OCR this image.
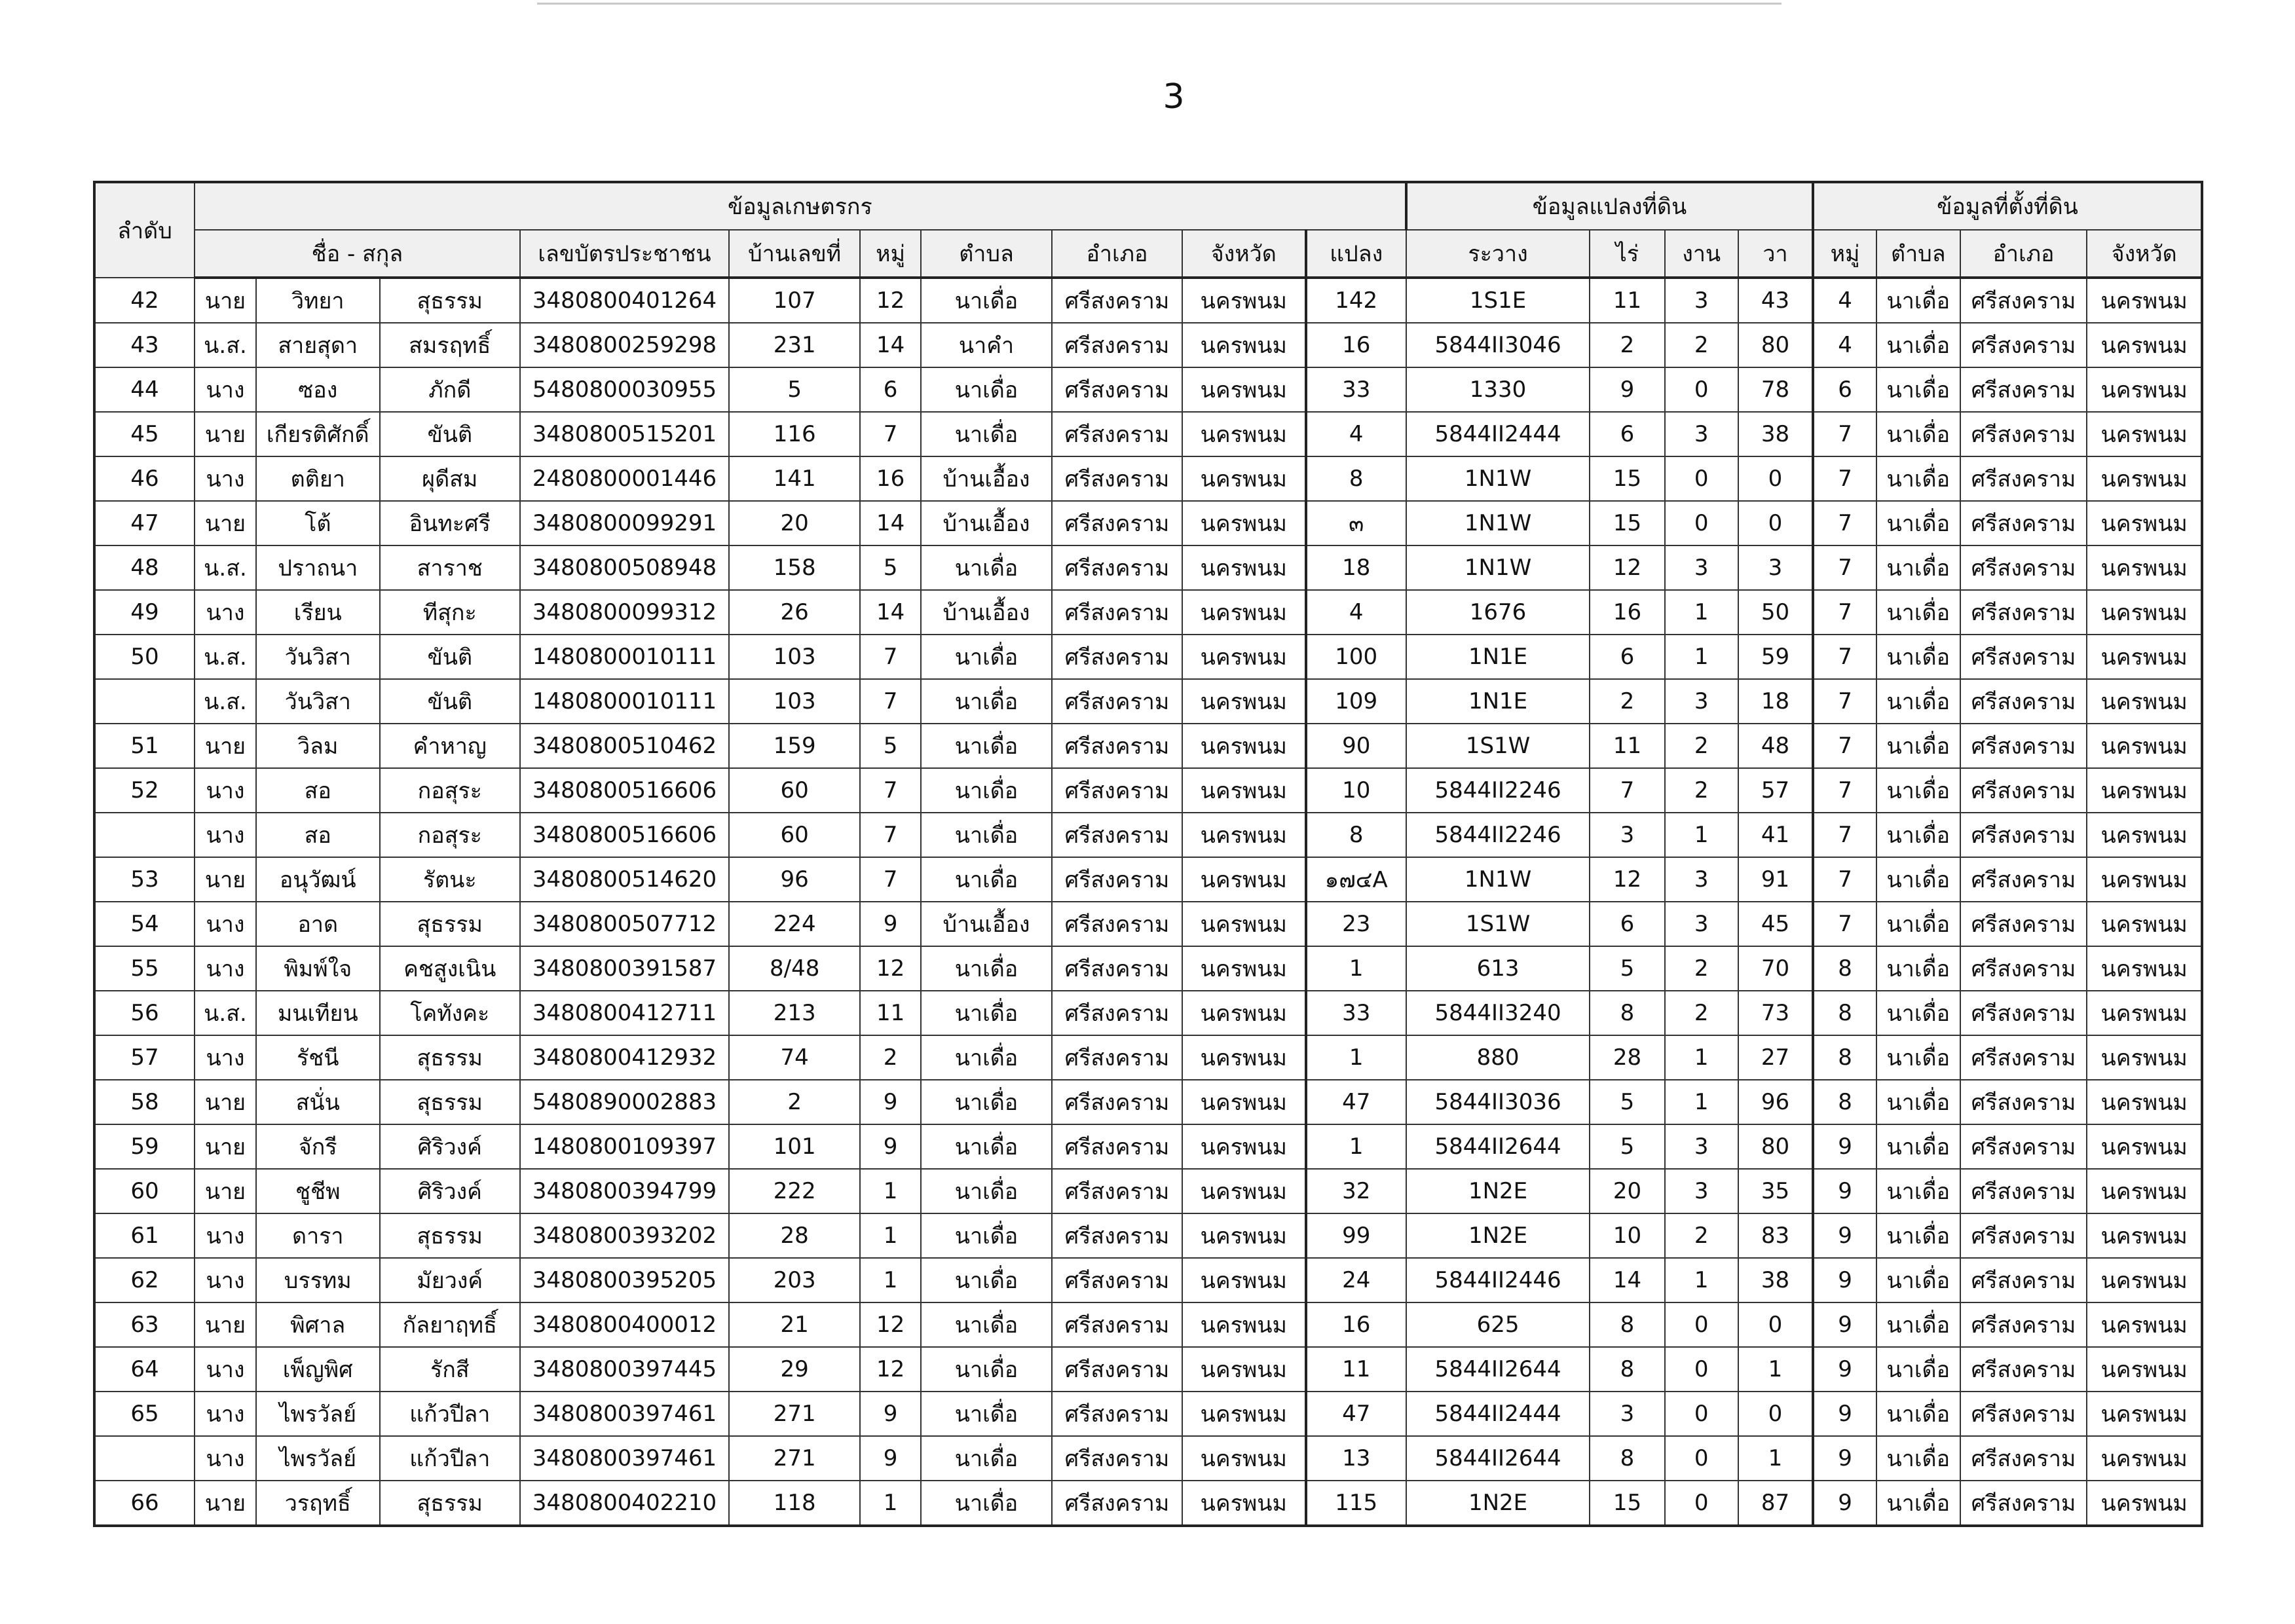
3
ลำดับ	ข้อมูลเกษตรกร										ข้อมูลแปลงที่ดิน				ข้อมูลที่ตั้งที่ดิน			
	ชื่อ - สกุล			เลขบัตรประชาชน	บ้านเลขที่	หมู่	ตำบล	อำเภอ	จังหวัด	แปลง	ระวาง	ไร่	งาน	วา	หมู่	ตำบล	อำเภอ	จังหวัด
42	นาย	วิทยา	สุธรรม	3480800401264	107	12	นาเดื่อ	ศรีสงคราม	นครพนม	142	1S1E	11	3	43	4	นาเดื่อ	ศรีสงคราม	นครพนม
43	น.ส.	สายสุดา	สมรฤทธิ์	3480800259298	231	14	นาคำ	ศรีสงคราม	นครพนม	16	5844II3046	2	2	80	4	นาเดื่อ	ศรีสงคราม	นครพนม
44	นาง	ซอง	ภักดี	5480800030955	5	6	นาเดื่อ	ศรีสงคราม	นครพนม	33	1330	9	0	78	6	นาเดื่อ	ศรีสงคราม	นครพนม
45	นาย	เกียรติศักดิ์	ขันติ	3480800515201	116	7	นาเดื่อ	ศรีสงคราม	นครพนม	4	5844II2444	6	3	38	7	นาเดื่อ	ศรีสงคราม	นครพนม
46	นาง	ตติยา	ผุดีสม	2480800001446	141	16	บ้านเอื้อง	ศรีสงคราม	นครพนม	8	1N1W	15	0	0	7	นาเดื่อ	ศรีสงคราม	นครพนม
47	นาย	โต้	อินทะศรี	3480800099291	20	14	บ้านเอื้อง	ศรีสงคราม	นครพนม	๓	1N1W	15	0	0	7	นาเดื่อ	ศรีสงคราม	นครพนม
48	น.ส.	ปราถนา	สาราช	3480800508948	158	5	นาเดื่อ	ศรีสงคราม	นครพนม	18	1N1W	12	3	3	7	นาเดื่อ	ศรีสงคราม	นครพนม
49	นาง	เรียน	ทีสุกะ	3480800099312	26	14	บ้านเอื้อง	ศรีสงคราม	นครพนม	4	1676	16	1	50	7	นาเดื่อ	ศรีสงคราม	นครพนม
50	น.ส.	วันวิสา	ขันติ	1480800010111	103	7	นาเดื่อ	ศรีสงคราม	นครพนม	100	1N1E	6	1	59	7	นาเดื่อ	ศรีสงคราม	นครพนม
	น.ส.	วันวิสา	ขันติ	1480800010111	103	7	นาเดื่อ	ศรีสงคราม	นครพนม	109	1N1E	2	3	18	7	นาเดื่อ	ศรีสงคราม	นครพนม
51	นาย	วิลม	คำหาญ	3480800510462	159	5	นาเดื่อ	ศรีสงคราม	นครพนม	90	1S1W	11	2	48	7	นาเดื่อ	ศรีสงคราม	นครพนม
52	นาง	สอ	กอสุระ	3480800516606	60	7	นาเดื่อ	ศรีสงคราม	นครพนม	10	5844II2246	7	2	57	7	นาเดื่อ	ศรีสงคราม	นครพนม
	นาง	สอ	กอสุระ	3480800516606	60	7	นาเดื่อ	ศรีสงคราม	นครพนม	8	5844II2246	3	1	41	7	นาเดื่อ	ศรีสงคราม	นครพนม
53	นาย	อนุวัฒน์	รัตนะ	3480800514620	96	7	นาเดื่อ	ศรีสงคราม	นครพนม	๑๗๔A	1N1W	12	3	91	7	นาเดื่อ	ศรีสงคราม	นครพนม
54	นาง	อาด	สุธรรม	3480800507712	224	9	บ้านเอื้อง	ศรีสงคราม	นครพนม	23	1S1W	6	3	45	7	นาเดื่อ	ศรีสงคราม	นครพนม
55	นาง	พิมพ์ใจ	คชสูงเนิน	3480800391587	8/48	12	นาเดื่อ	ศรีสงคราม	นครพนม	1	613	5	2	70	8	นาเดื่อ	ศรีสงคราม	นครพนม
56	น.ส.	มนเทียน	โคทังคะ	3480800412711	213	11	นาเดื่อ	ศรีสงคราม	นครพนม	33	5844II3240	8	2	73	8	นาเดื่อ	ศรีสงคราม	นครพนม
57	นาง	รัชนี	สุธรรม	3480800412932	74	2	นาเดื่อ	ศรีสงคราม	นครพนม	1	880	28	1	27	8	นาเดื่อ	ศรีสงคราม	นครพนม
58	นาย	สนั่น	สุธรรม	5480890002883	2	9	นาเดื่อ	ศรีสงคราม	นครพนม	47	5844II3036	5	1	96	8	นาเดื่อ	ศรีสงคราม	นครพนม
59	นาย	จักรี	ศิริวงค์	1480800109397	101	9	นาเดื่อ	ศรีสงคราม	นครพนม	1	5844II2644	5	3	80	9	นาเดื่อ	ศรีสงคราม	นครพนม
60	นาย	ชูชีพ	ศิริวงค์	3480800394799	222	1	นาเดื่อ	ศรีสงคราม	นครพนม	32	1N2E	20	3	35	9	นาเดื่อ	ศรีสงคราม	นครพนม
61	นาง	ดารา	สุธรรม	3480800393202	28	1	นาเดื่อ	ศรีสงคราม	นครพนม	99	1N2E	10	2	83	9	นาเดื่อ	ศรีสงคราม	นครพนม
62	นาง	บรรทม	มัยวงค์	3480800395205	203	1	นาเดื่อ	ศรีสงคราม	นครพนม	24	5844II2446	14	1	38	9	นาเดื่อ	ศรีสงคราม	นครพนม
63	นาย	พิศาล	กัลยาฤทธิ์	3480800400012	21	12	นาเดื่อ	ศรีสงคราม	นครพนม	16	625	8	0	0	9	นาเดื่อ	ศรีสงคราม	นครพนม
64	นาง	เพ็ญพิศ	รักสี	3480800397445	29	12	นาเดื่อ	ศรีสงคราม	นครพนม	11	5844II2644	8	0	1	9	นาเดื่อ	ศรีสงคราม	นครพนม
65	นาง	ไพรวัลย์	แก้วปีลา	3480800397461	271	9	นาเดื่อ	ศรีสงคราม	นครพนม	47	5844II2444	3	0	0	9	นาเดื่อ	ศรีสงคราม	นครพนม
	นาง	ไพรวัลย์	แก้วปีลา	3480800397461	271	9	นาเดื่อ	ศรีสงคราม	นครพนม	13	5844II2644	8	0	1	9	นาเดื่อ	ศรีสงคราม	นครพนม
66	นาย	วรฤทธิ์	สุธรรม	3480800402210	118	1	นาเดื่อ	ศรีสงคราม	นครพนม	115	1N2E	15	0	87	9	นาเดื่อ	ศรีสงคราม	นครพนม
